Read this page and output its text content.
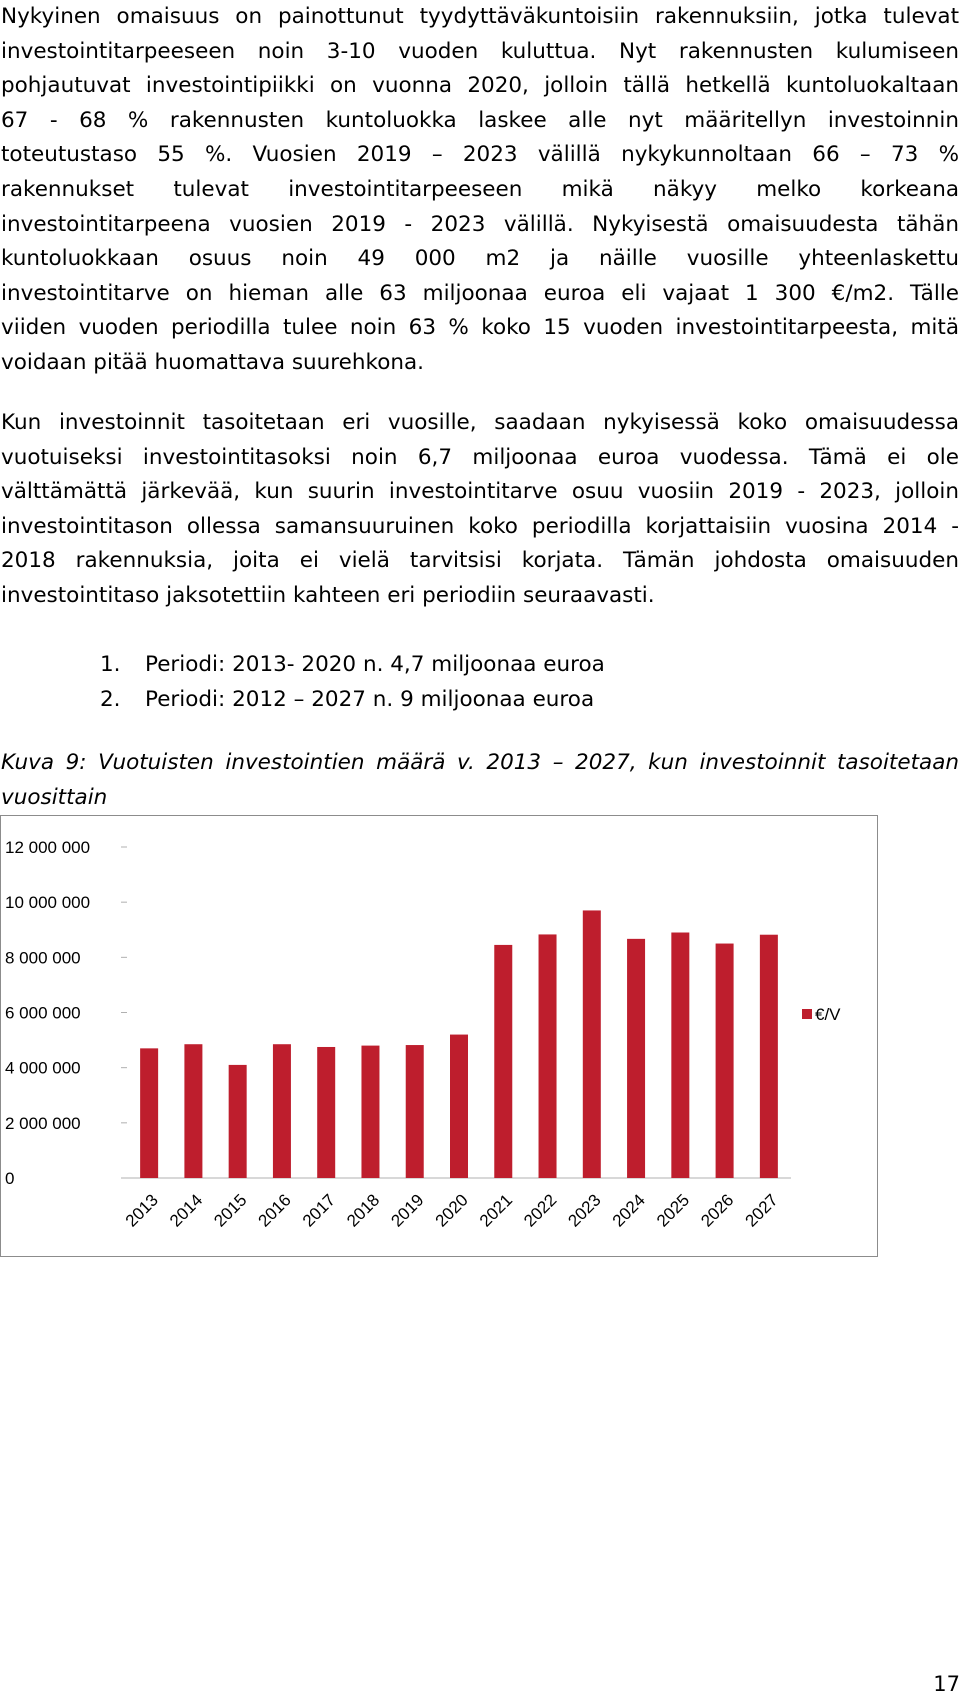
Nykyinen omaisuus on painottunut tyydyttäväkuntoisiin rakennuksiin, jotka tulevat
investointitarpeeseen noin 3-10 vuoden kuluttua. Nyt rakennusten kulumiseen
pohjautuvat investointipiikki on vuonna 2020, jolloin tällä hetkellä kuntoluokaltaan
67 - 68 % rakennusten kuntoluokka laskee alle nyt määritellyn investoinnin
toteutustaso 55 %. Vuosien 2019 – 2023 välillä nykykunnoltaan 66 – 73 %
rakennukset tulevat investointitarpeeseen mikä näkyy melko korkeana
investointitarpeena vuosien 2019 - 2023 välillä. Nykyisestä omaisuudesta tähän
kuntoluokkaan osuus noin 49 000 m2 ja näille vuosille yhteenlaskettu
investointitarve on hieman alle 63 miljoonaa euroa eli vajaat 1 300 €/m2. Tälle
viiden vuoden periodilla tulee noin 63 % koko 15 vuoden investointitarpeesta, mitä
voidaan pitää huomattava suurehkona.
Kun investoinnit tasoitetaan eri vuosille, saadaan nykyisessä koko omaisuudessa
vuotuiseksi investointitasoksi noin 6,7 miljoonaa euroa vuodessa. Tämä ei ole
välttämättä järkevää, kun suurin investointitarve osuu vuosiin 2019 - 2023, jolloin
investointitason ollessa samansuuruinen koko periodilla korjattaisiin vuosina 2014 -
2018 rakennuksia, joita ei vielä tarvitsisi korjata. Tämän johdosta omaisuuden
investointitaso jaksotettiin kahteen eri periodiin seuraavasti.
1.	Periodi: 2013- 2020 n. 4,7 miljoonaa euroa
2.	Periodi: 2012 – 2027 n. 9 miljoonaa euroa
Kuva 9: Vuotuisten investointien määrä v. 2013 – 2027, kun investoinnit tasoitetaan
vuosittain
0
2 000 000
4 000 000
6 000 000
8 000 000
10 000 000
12 000 000
2013 2014 2015 2016 2017 2018 2019 2020 2021 2022 2023 2024 2025 2026 2027
€/V
17
